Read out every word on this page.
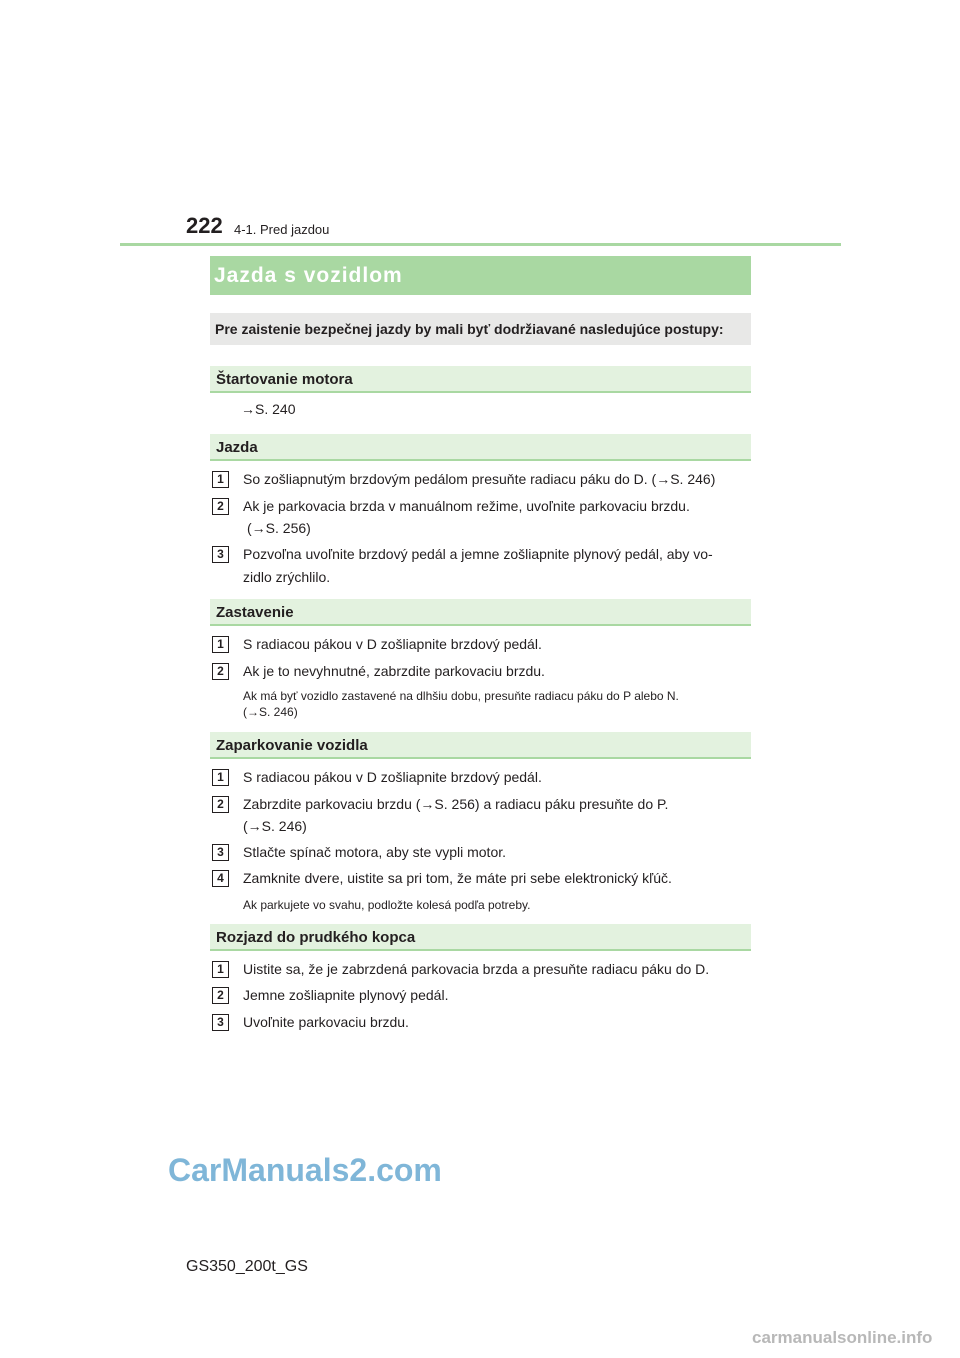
222 4-1. Pred jazdou
Jazda s vozidlom
Pre zaistenie bezpečnej jazdy by mali byť dodržiavané nasledujúce postupy:
Štartovanie motora
→S. 240
Jazda
1	So zošliapnutým brzdovým pedálom presuňte radiacu páku do D. (→S. 246)
2	Ak je parkovacia brzda v manuálnom režime, uvoľnite parkovaciu brzdu.
(→S. 256)
3	Pozvoľna uvoľnite brzdový pedál a jemne zošliapnite plynový pedál, aby vo-
zidlo zrýchlilo.
Zastavenie
1	S radiacou pákou v D zošliapnite brzdový pedál.
2	Ak je to nevyhnutné, zabrzdite parkovaciu brzdu.
Ak má byť vozidlo zastavené na dlhšiu dobu, presuňte radiacu páku do P alebo N.
(→S. 246)
Zaparkovanie vozidla
1	S radiacou pákou v D zošliapnite brzdový pedál.
2	Zabrzdite parkovaciu brzdu (→S. 256) a radiacu páku presuňte do P.
(→S. 246)
3	Stlačte spínač motora, aby ste vypli motor.
4	Zamknite dvere, uistite sa pri tom, že máte pri sebe elektronický kľúč.
Ak parkujete vo svahu, podložte kolesá podľa potreby.
Rozjazd do prudkého kopca
1	Uistite sa, že je zabrzdená parkovacia brzda a presuňte radiacu páku do D.
2	Jemne zošliapnite plynový pedál.
3	Uvoľnite parkovaciu brzdu.
CarManuals2.com
carmanualsonline.info
GS350_200t_GS
